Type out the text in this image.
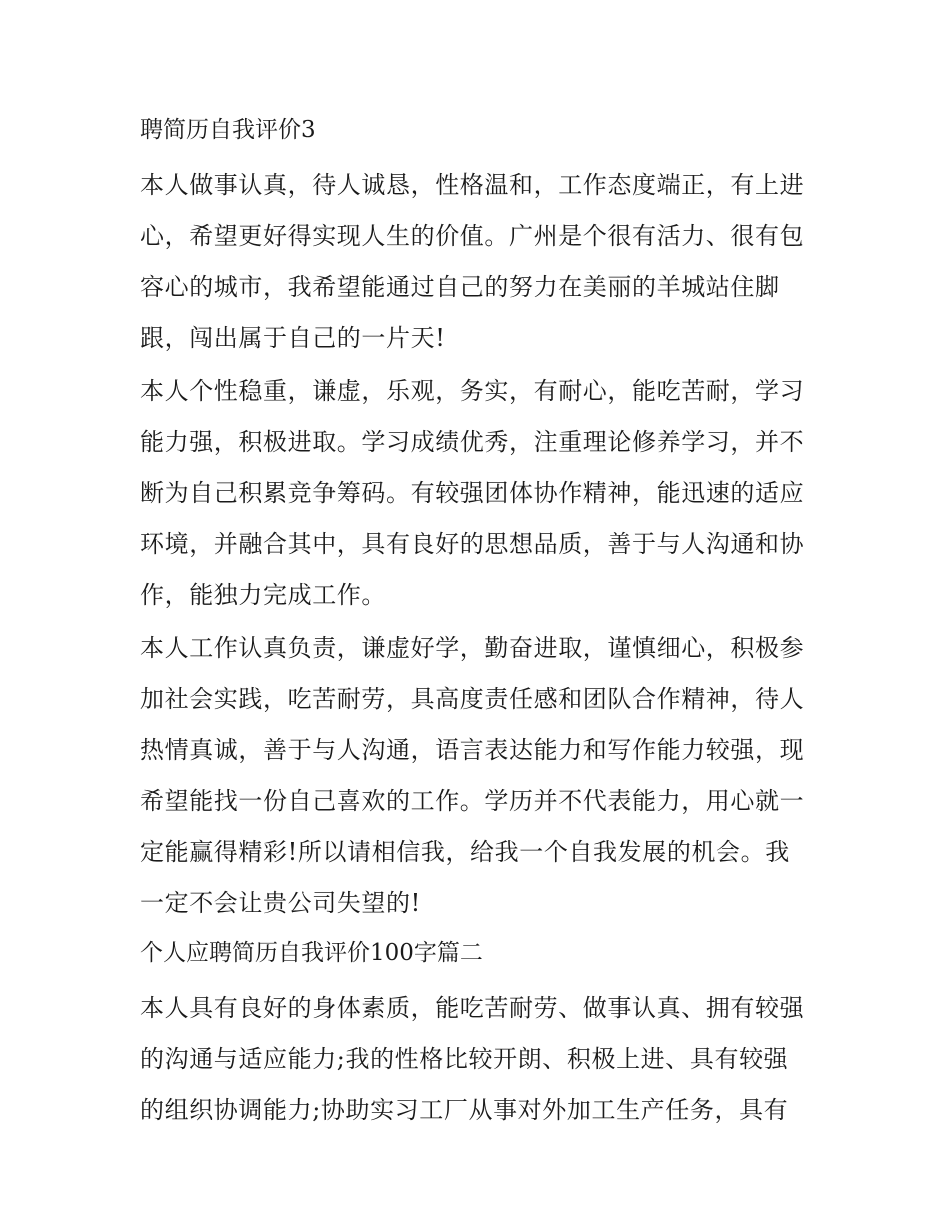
聘简历自我评价3
本人做事认真，待人诚恳，性格温和，工作态度端正，有上进
心，希望更好得实现人生的价值。广州是个很有活力、很有包
容心的城市，我希望能通过自己的努力在美丽的羊城站住脚
跟，闯出属于自己的一片天!
本人个性稳重，谦虚，乐观，务实，有耐心，能吃苦耐，学习
能力强，积极进取。学习成绩优秀，注重理论修养学习，并不
断为自己积累竞争筹码。有较强团体协作精神，能迅速的适应
环境，并融合其中，具有良好的思想品质，善于与人沟通和协
作，能独力完成工作。
本人工作认真负责，谦虚好学，勤奋进取，谨慎细心，积极参
加社会实践，吃苦耐劳，具高度责任感和团队合作精神，待人
热情真诚，善于与人沟通，语言表达能力和写作能力较强，现
希望能找一份自己喜欢的工作。学历并不代表能力，用心就一
定能赢得精彩!所以请相信我，给我一个自我发展的机会。我
一定不会让贵公司失望的!
个人应聘简历自我评价100字篇二
本人具有良好的身体素质，能吃苦耐劳、做事认真、拥有较强
的沟通与适应能力;我的性格比较开朗、积极上进、具有较强
的组织协调能力;协助实习工厂从事对外加工生产任务，具有
